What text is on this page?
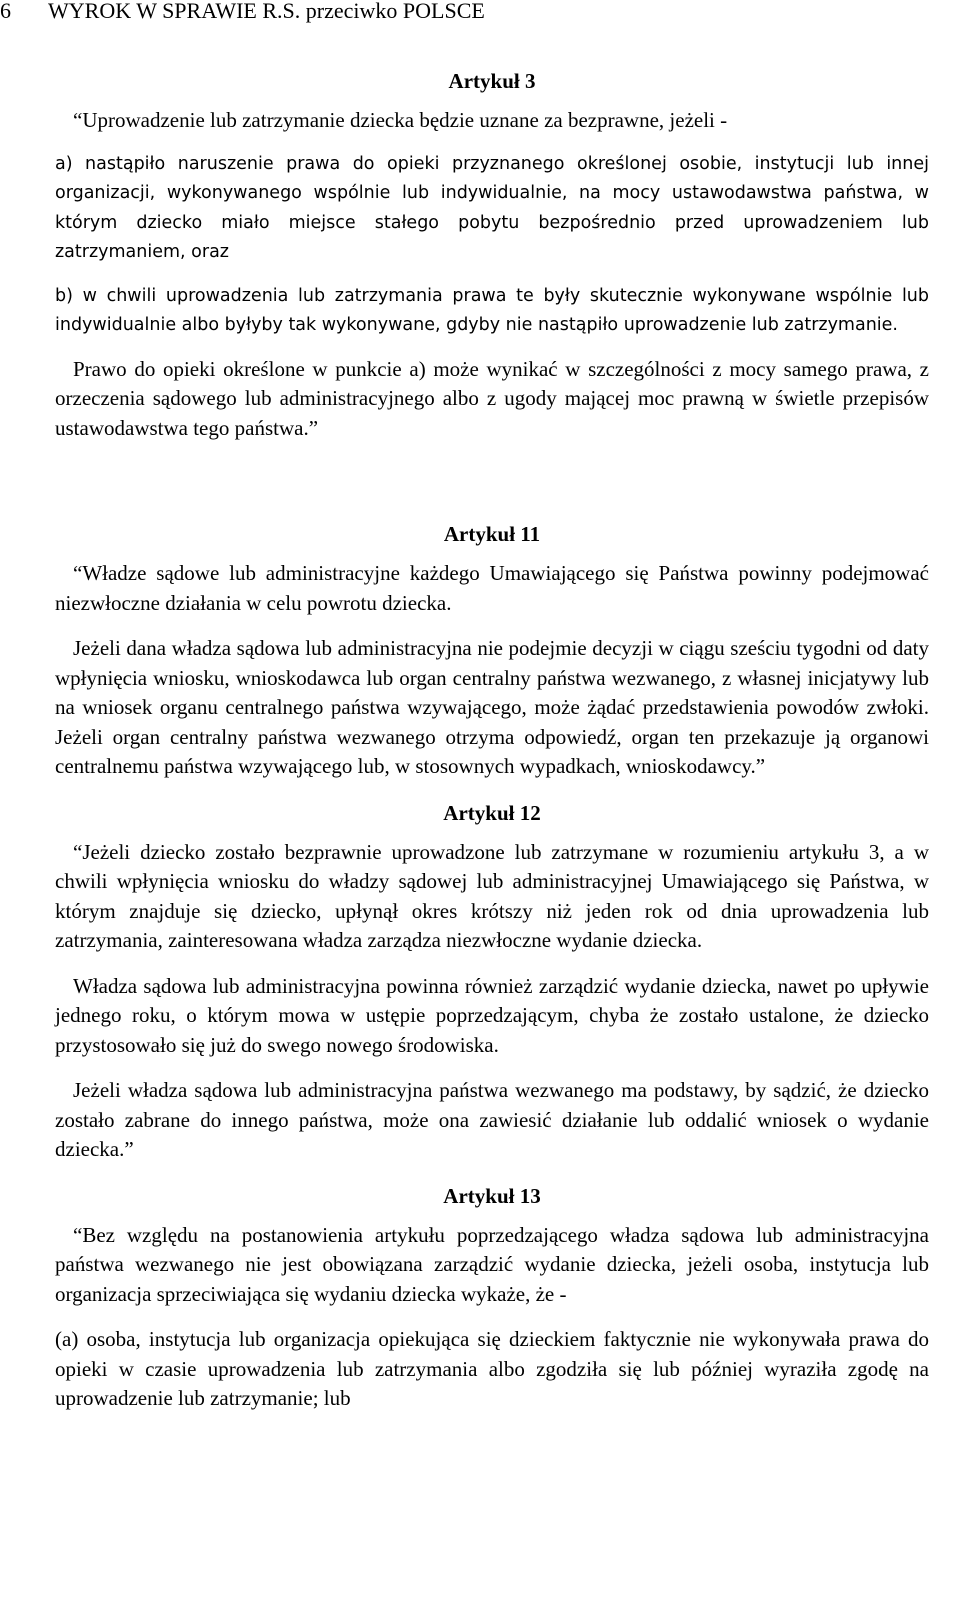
6 WYROK W SPRAWIE R.S. przeciwko POLSCE
Artykuł 3

“Uprowadzenie lub zatrzymanie dziecka będzie uznane za bezprawne, jeżeli -

a) nastąpiło naruszenie prawa do opieki przyznanego określonej osobie, instytucji lub innej organizacji, wykonywanego wspólnie lub indywidualnie, na mocy ustawodawstwa państwa, w którym dziecko miało miejsce stałego pobytu bezpośrednio przed uprowadzeniem lub zatrzymaniem, oraz

b) w chwili uprowadzenia lub zatrzymania prawa te były skutecznie wykonywane wspólnie lub indywidualnie albo byłyby tak wykonywane, gdyby nie nastąpiło uprowadzenie lub zatrzymanie.

Prawo do opieki określone w punkcie a) może wynikać w szczególności z mocy samego prawa, z orzeczenia sądowego lub administracyjnego albo z ugody mającej moc prawną w świetle przepisów ustawodawstwa tego państwa.”

Artykuł 11

“Władze sądowe lub administracyjne każdego Umawiającego się Państwa powinny podejmować niezwłoczne działania w celu powrotu dziecka.

Jeżeli dana władza sądowa lub administracyjna nie podejmie decyzji w ciągu sześciu tygodni od daty wpłynięcia wniosku, wnioskodawca lub organ centralny państwa wezwanego, z własnej inicjatywy lub na wniosek organu centralnego państwa wzywającego, może żądać przedstawienia powodów zwłoki. Jeżeli organ centralny państwa wezwanego otrzyma odpowiedź, organ ten przekazuje ją organowi centralnemu państwa wzywającego lub, w stosownych wypadkach, wnioskodawcy.”

Artykuł 12

“Jeżeli dziecko zostało bezprawnie uprowadzone lub zatrzymane w rozumieniu artykułu 3, a w chwili wpłynięcia wniosku do władzy sądowej lub administracyjnej Umawiającego się Państwa, w którym znajduje się dziecko, upłynął okres krótszy niż jeden rok od dnia uprowadzenia lub zatrzymania, zainteresowana władza zarządza niezwłoczne wydanie dziecka.

Władza sądowa lub administracyjna powinna również zarządzić wydanie dziecka, nawet po upływie jednego roku, o którym mowa w ustępie poprzedzającym, chyba że zostało ustalone, że dziecko przystosowało się już do swego nowego środowiska.

Jeżeli władza sądowa lub administracyjna państwa wezwanego ma podstawy, by sądzić, że dziecko zostało zabrane do innego państwa, może ona zawiesić działanie lub oddalić wniosek o wydanie dziecka.”

Artykuł 13

“Bez względu na postanowienia artykułu poprzedzającego władza sądowa lub administracyjna państwa wezwanego nie jest obowiązana zarządzić wydanie dziecka, jeżeli osoba, instytucja lub organizacja sprzeciwiająca się wydaniu dziecka wykaże, że -

(a) osoba, instytucja lub organizacja opiekująca się dzieckiem faktycznie nie wykonywała prawa do opieki w czasie uprowadzenia lub zatrzymania albo zgodziła się lub później wyraziła zgodę na uprowadzenie lub zatrzymanie; lub
